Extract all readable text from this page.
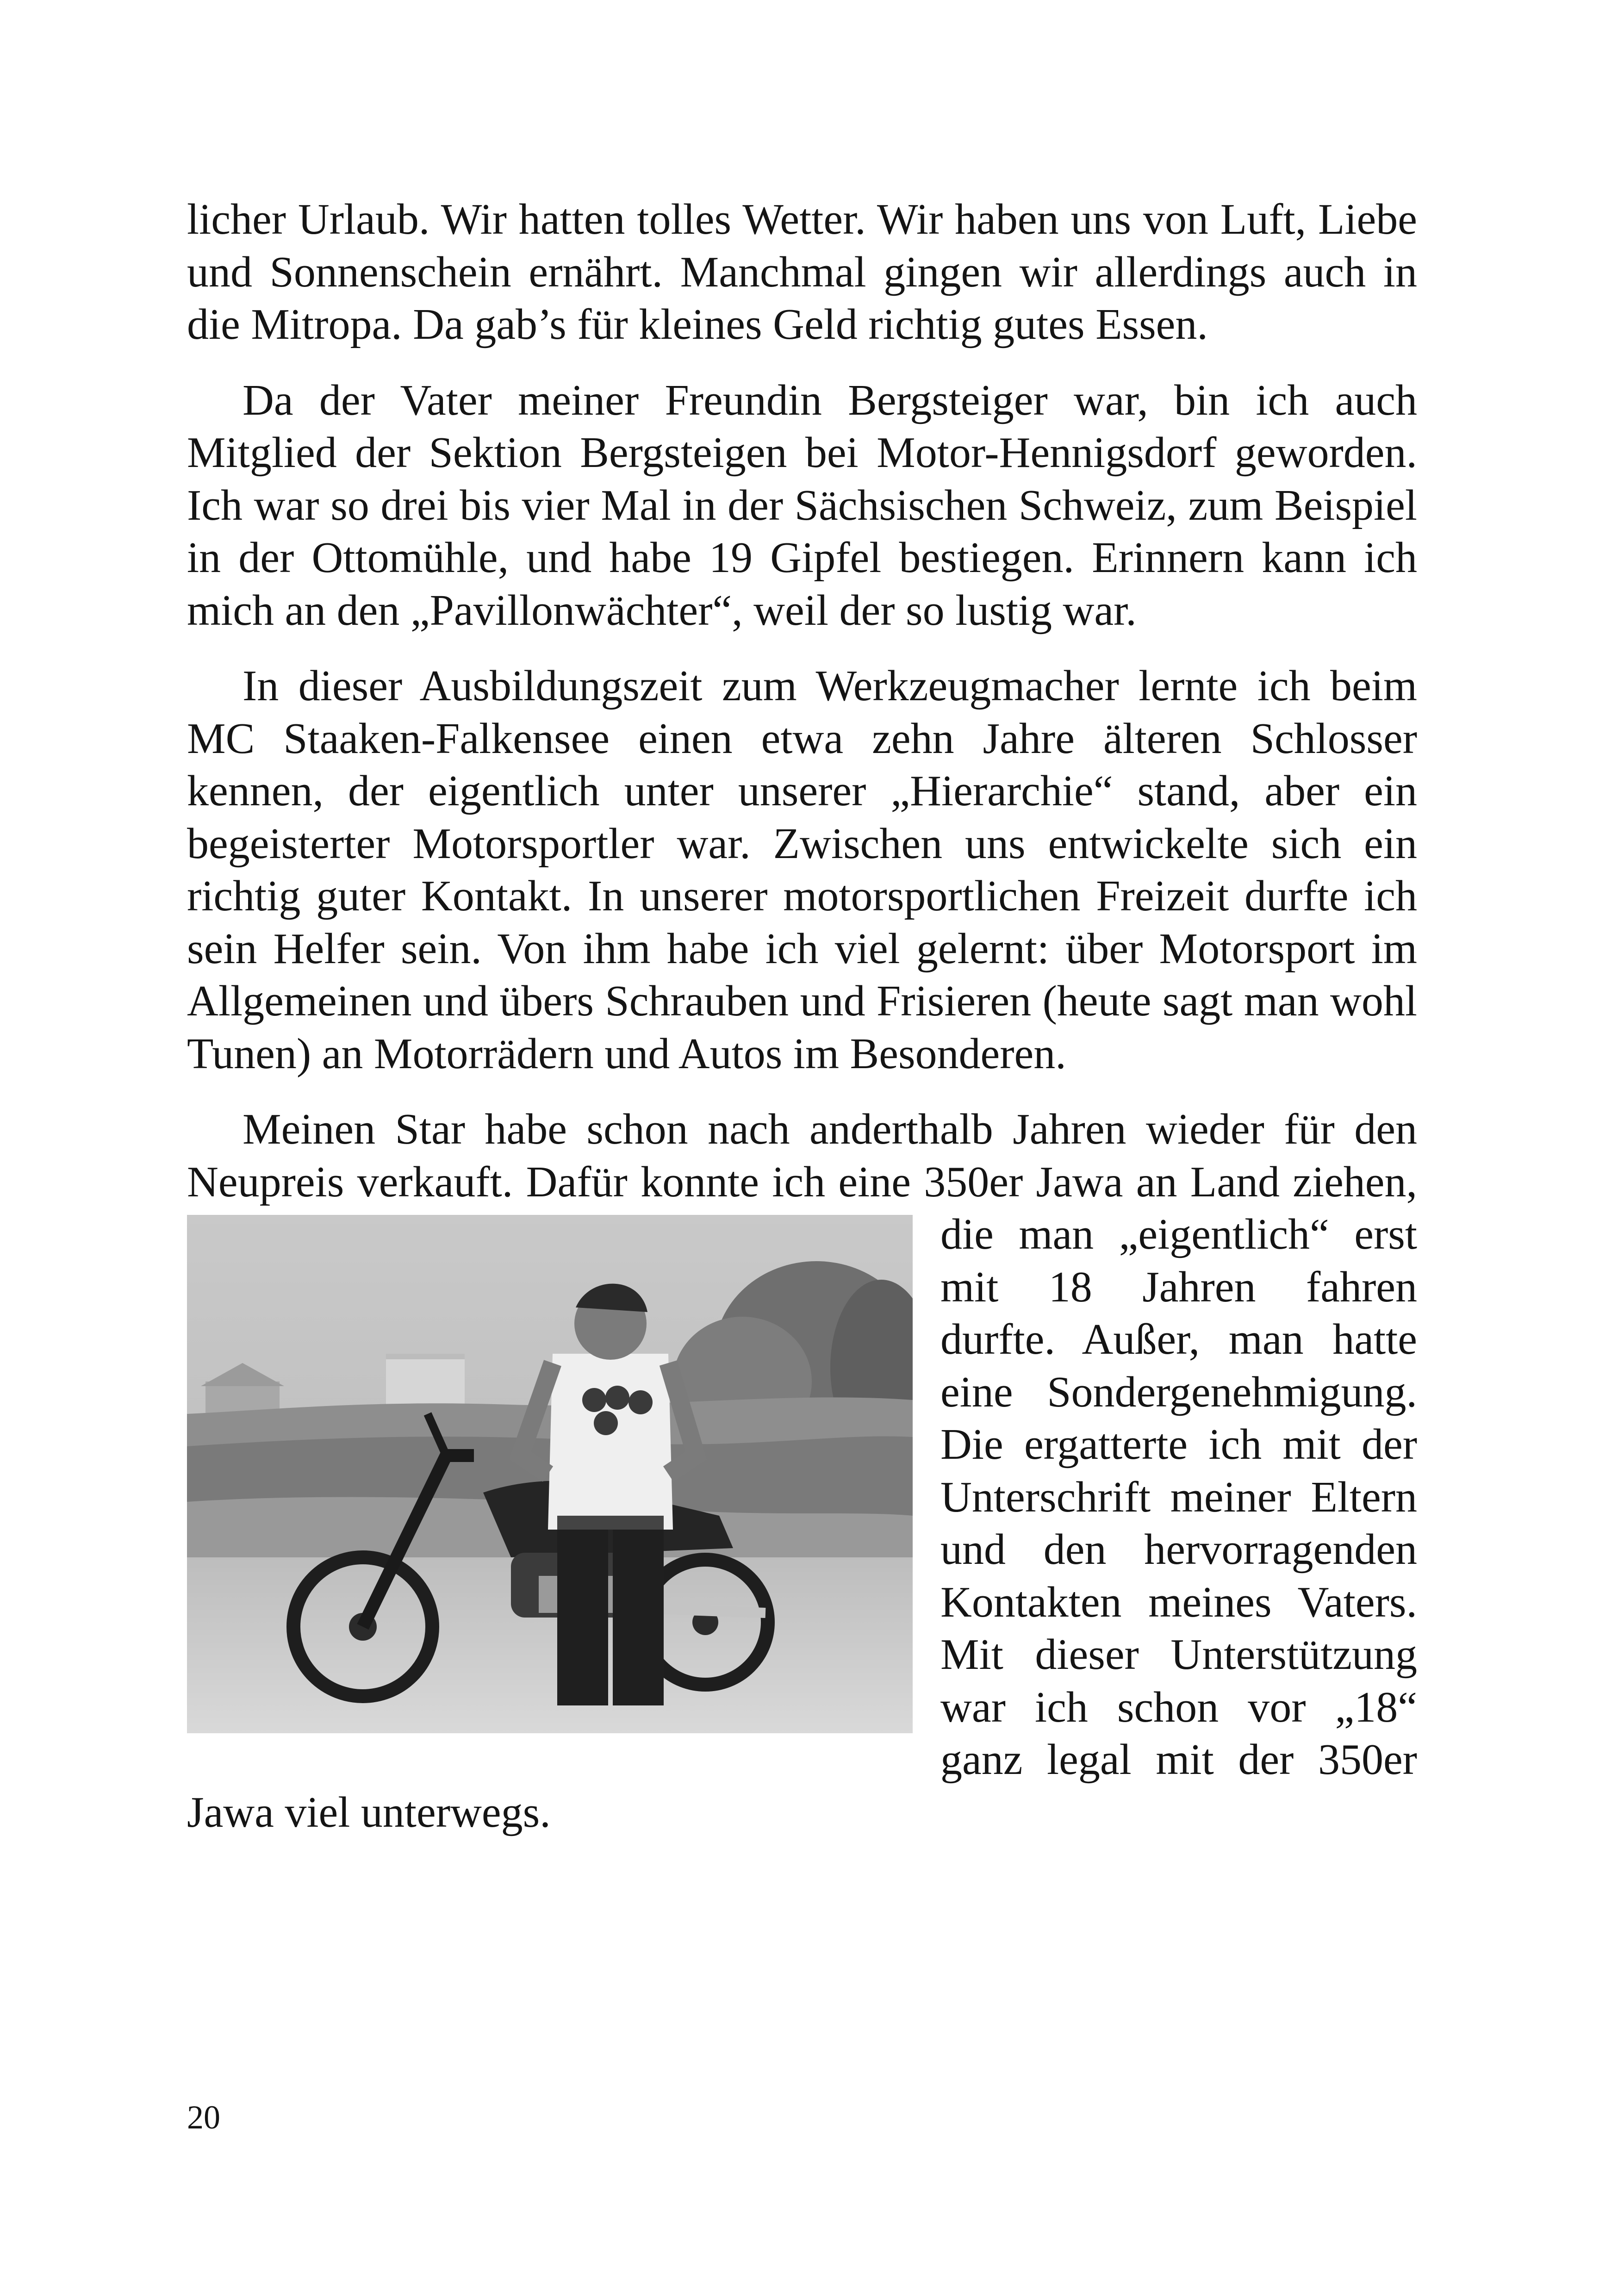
licher Urlaub. Wir hatten tolles Wetter. Wir haben uns von Luft, Liebe und Sonnenschein ernährt. Manchmal gingen wir allerdings auch in die Mitropa. Da gab’s für kleines Geld richtig gutes Essen.

Da der Vater meiner Freundin Bergsteiger war, bin ich auch Mitglied der Sektion Bergsteigen bei Motor-Hennigsdorf geworden. Ich war so drei bis vier Mal in der Sächsischen Schweiz, zum Beispiel in der Ottomühle, und habe 19 Gipfel bestiegen. Erinnern kann ich mich an den „Pavillonwächter“, weil der so lustig war.

In dieser Ausbildungszeit zum Werkzeugmacher lernte ich beim MC Staaken-Falkensee einen etwa zehn Jahre älteren Schlosser kennen, der eigentlich unter unserer „Hierarchie“ stand, aber ein begeisterter Motorsportler war. Zwischen uns entwickelte sich ein richtig guter Kontakt. In unserer motorsportlichen Freizeit durfte ich sein Helfer sein. Von ihm habe ich viel gelernt: über Motorsport im Allgemeinen und übers Schrauben und Frisieren (heute sagt man wohl Tunen) an Motorrädern und Autos im Besonderen.

Meinen Star habe schon nach anderthalb Jahren wieder für den Neupreis verkauft. Dafür konnte ich eine 350er Jawa an Land ziehen, die man „eigentlich“ erst mit 18 Jahren fahren durfte. Außer, man hatte eine Sondergenehmigung. Die ergatterte ich mit der Unterschrift meiner Eltern und den hervorragenden Kontakten meines Vaters. Mit dieser Unterstützung war ich schon vor „18“ ganz legal mit der 350er Jawa viel unterwegs.

20
